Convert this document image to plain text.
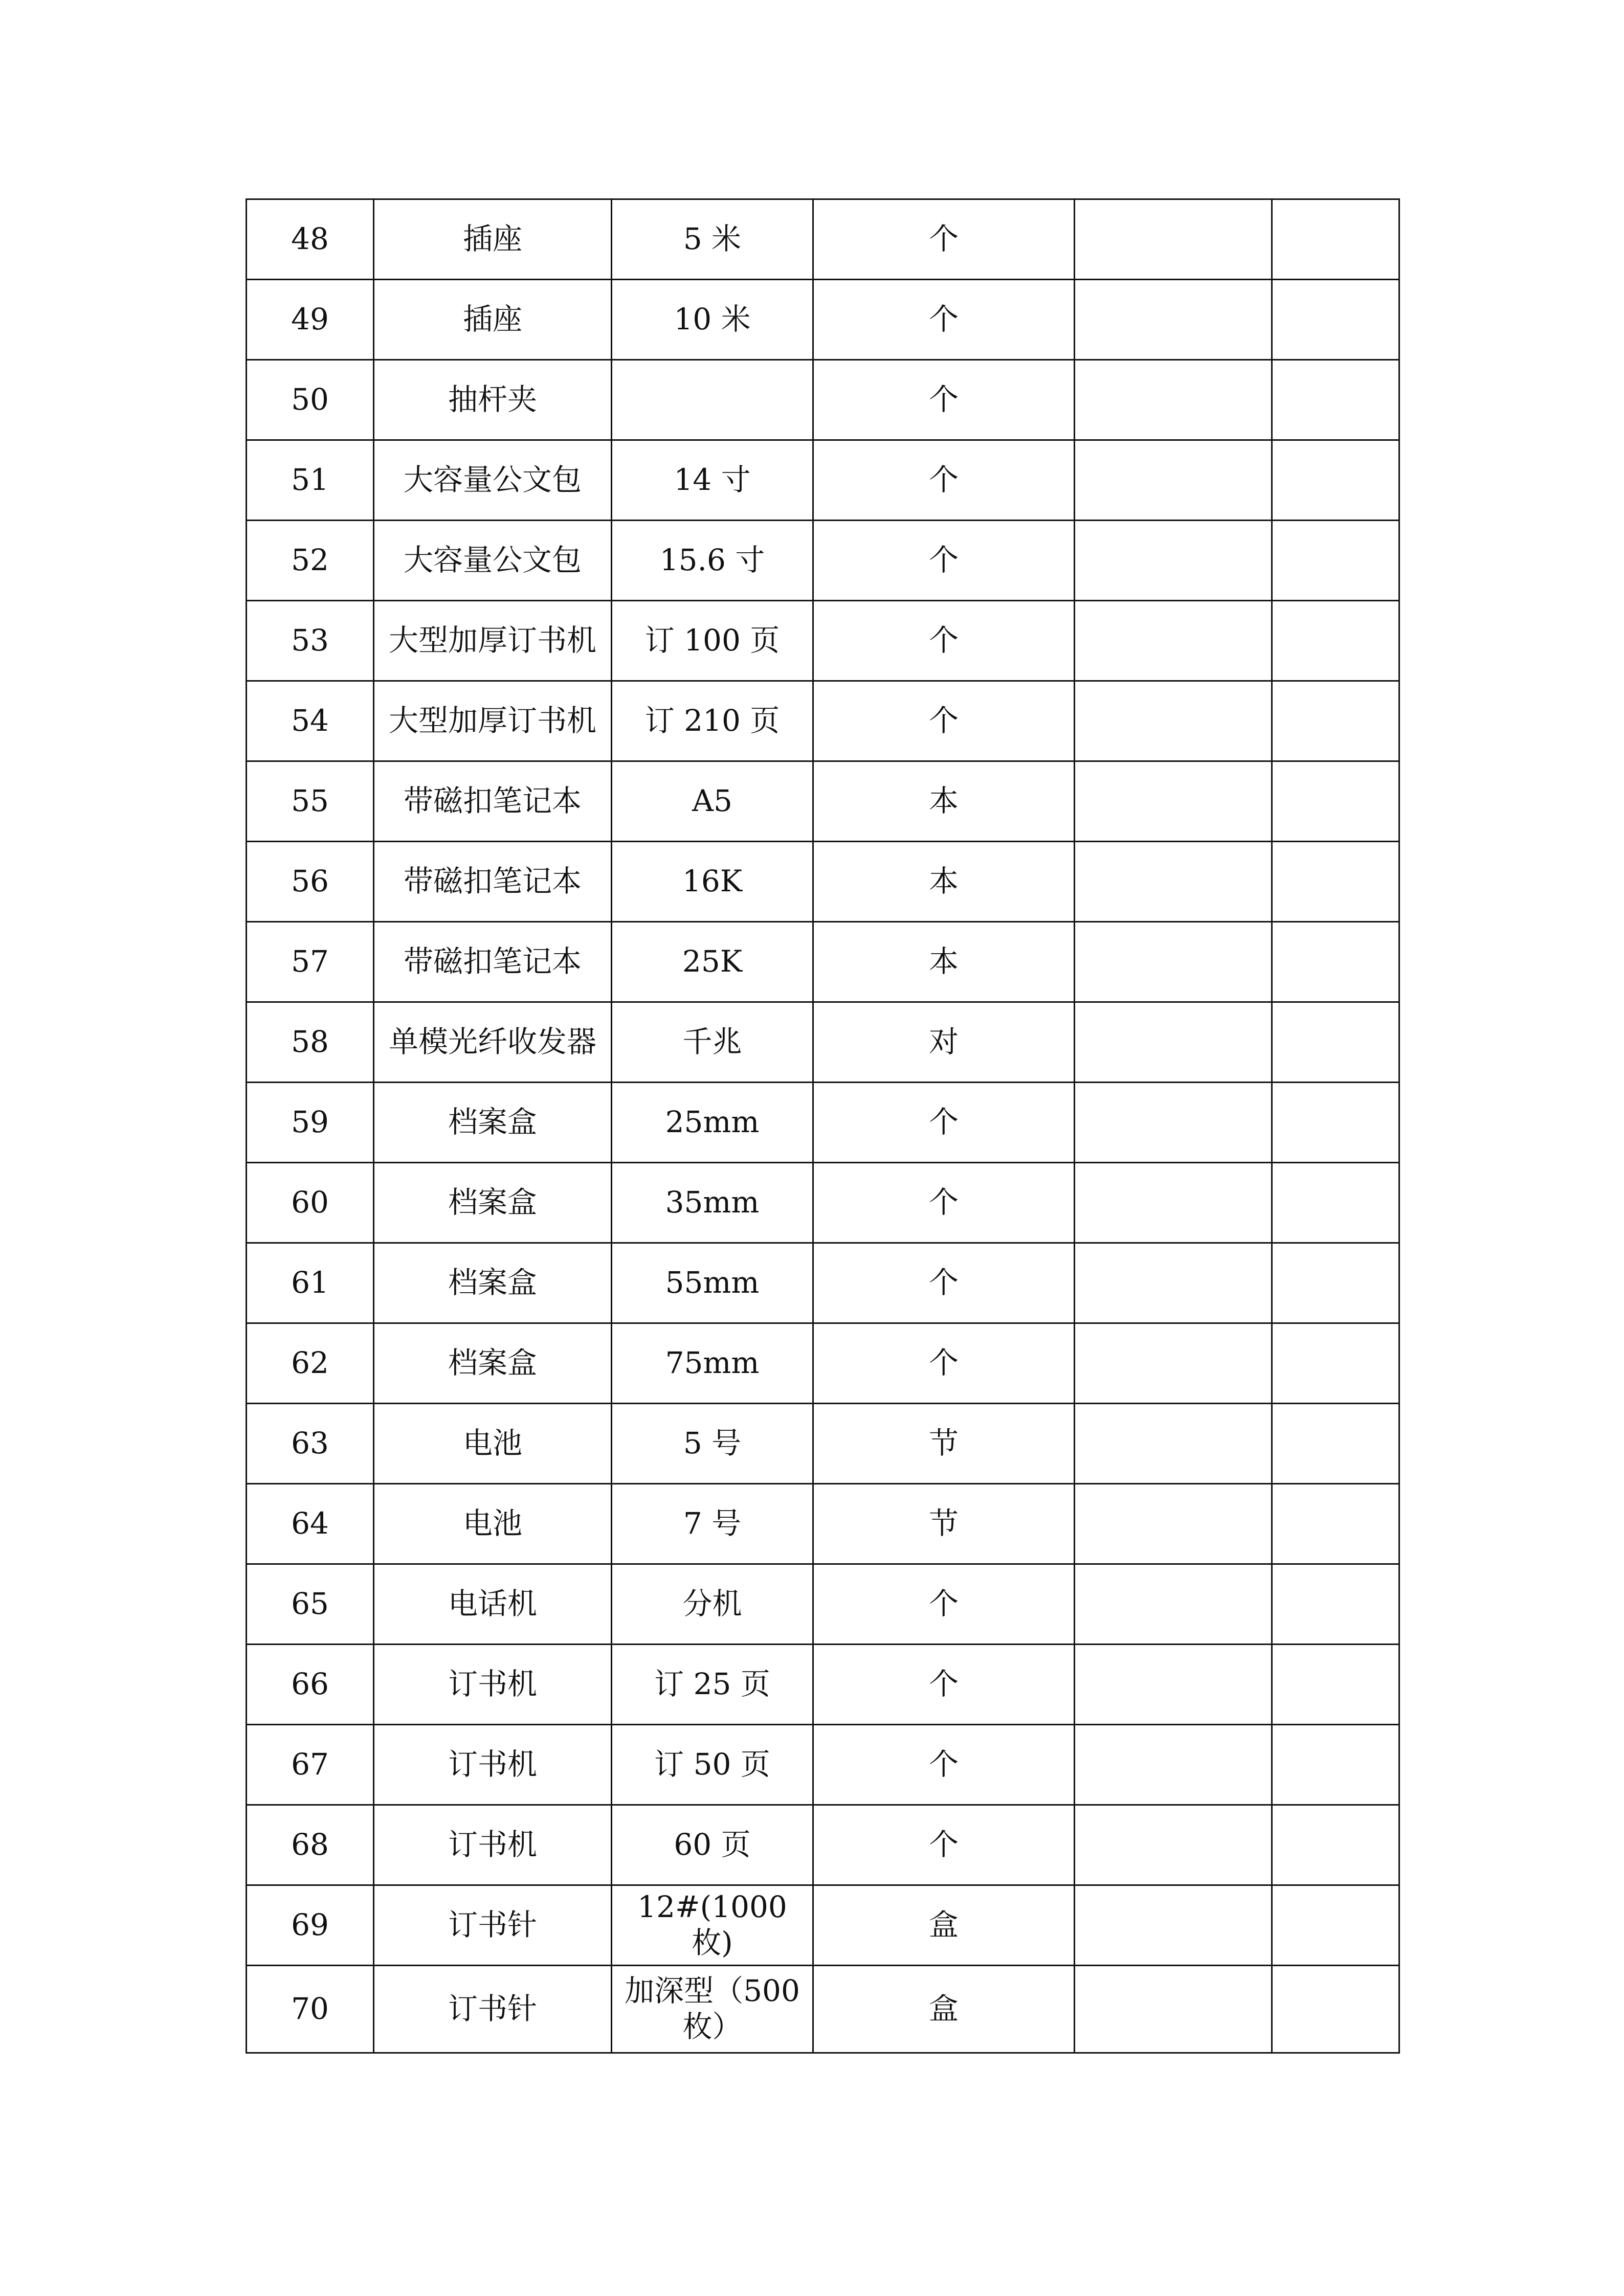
48	插座	5 米	个		
49	插座	10 米	个		
50	抽杆夹		个		
51	大容量公文包	14 寸	个		
52	大容量公文包	15.6 寸	个		
53	大型加厚订书机	订 100 页	个		
54	大型加厚订书机	订 210 页	个		
55	带磁扣笔记本	A5	本		
56	带磁扣笔记本	16K	本		
57	带磁扣笔记本	25K	本		
58	单模光纤收发器	千兆	对		
59	档案盒	25mm	个		
60	档案盒	35mm	个		
61	档案盒	55mm	个		
62	档案盒	75mm	个		
63	电池	5 号	节		
64	电池	7 号	节		
65	电话机	分机	个		
66	订书机	订 25 页	个		
67	订书机	订 50 页	个		
68	订书机	60 页	个		
69	订书针	12#(1000 枚)	盒		
70	订书针	加深型（500 枚）	盒		
